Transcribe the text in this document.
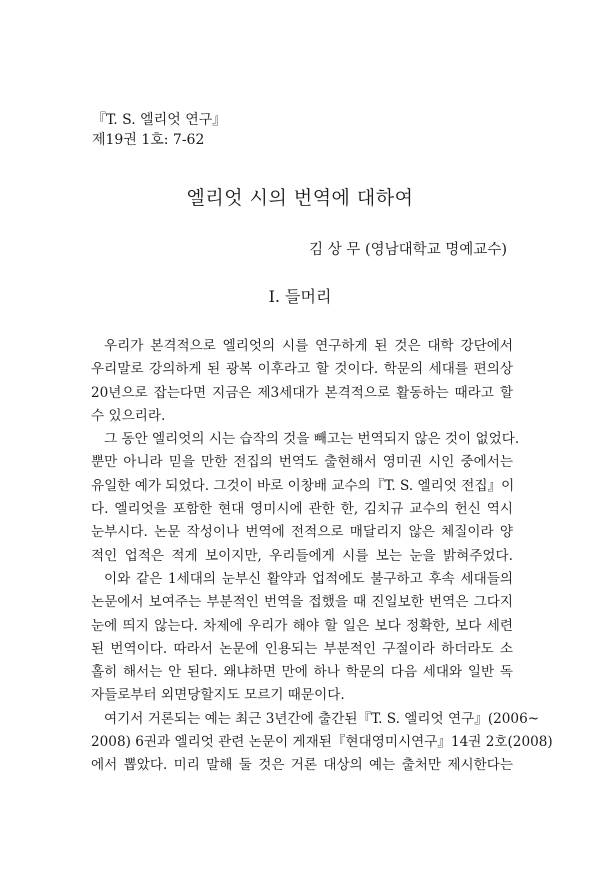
『T. S. 엘리엇 연구』
제19권 1호: 7-62
엘리엇 시의 번역에 대하여
김 상 무 (영남대학교 명예교수)
Ⅰ. 들머리
우리가 본격적으로 엘리엇의 시를 연구하게 된 것은 대학 강단에서
우리말로 강의하게 된 광복 이후라고 할 것이다. 학문의 세대를 편의상
20년으로 잡는다면 지금은 제3세대가 본격적으로 활동하는 때라고 할
수 있으리라.
그 동안 엘리엇의 시는 습작의 것을 빼고는 번역되지 않은 것이 없었다.
뿐만 아니라 믿을 만한 전집의 번역도 출현해서 영미권 시인 중에서는
유일한 예가 되었다. 그것이 바로 이창배 교수의『T. S. 엘리엇 전집』이
다. 엘리엇을 포함한 현대 영미시에 관한 한, 김치규 교수의 헌신 역시
눈부시다. 논문 작성이나 번역에 전적으로 매달리지 않은 체질이라 양
적인 업적은 적게 보이지만, 우리들에게 시를 보는 눈을 밝혀주었다.
이와 같은 1세대의 눈부신 활약과 업적에도 불구하고 후속 세대들의
논문에서 보여주는 부분적인 번역을 접했을 때 진일보한 번역은 그다지
눈에 띄지 않는다. 차제에 우리가 해야 할 일은 보다 정확한, 보다 세련
된 번역이다. 따라서 논문에 인용되는 부분적인 구절이라 하더라도 소
홀히 해서는 안 된다. 왜냐하면 만에 하나 학문의 다음 세대와 일반 독
자들로부터 외면당할지도 모르기 때문이다.
여기서 거론되는 예는 최근 3년간에 출간된『T. S. 엘리엇 연구』(2006~
2008) 6권과 엘리엇 관련 논문이 게재된『현대영미시연구』14권 2호(2008)
에서 뽑았다. 미리 말해 둘 것은 거론 대상의 예는 출처만 제시한다는
